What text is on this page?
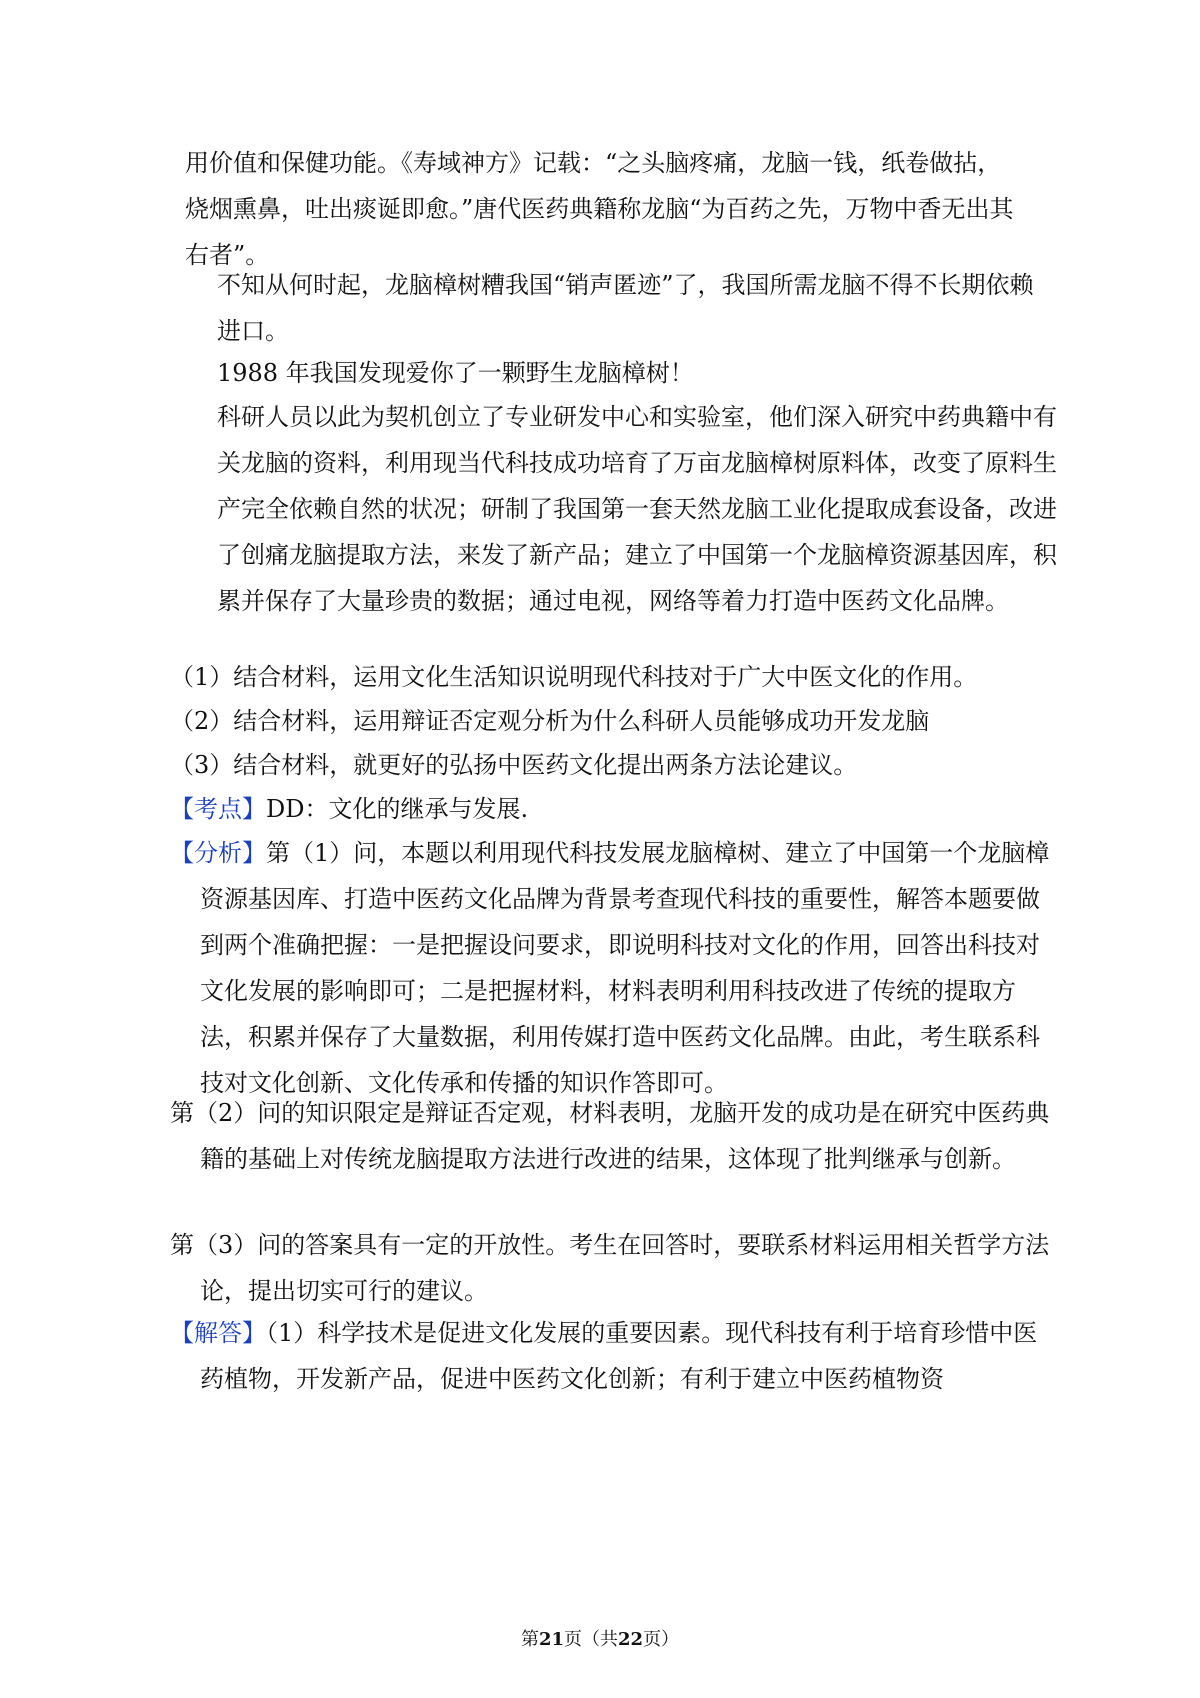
用价值和保健功能。《寿域神方》记载：“之头脑疼痛，龙脑一钱，纸卷做拈，烧烟熏鼻，吐出痰诞即愈。”唐代医药典籍称龙脑“为百药之先，万物中香无出其右者”。

不知从何时起，龙脑樟树糟我国“销声匿迹”了，我国所需龙脑不得不长期依赖进口。

1988 年我国发现爱你了一颗野生龙脑樟树！

科研人员以此为契机创立了专业研发中心和实验室，他们深入研究中药典籍中有关龙脑的资料，利用现当代科技成功培育了万亩龙脑樟树原料体，改变了原料生产完全依赖自然的状况；研制了我国第一套天然龙脑工业化提取成套设备，改进了创痛龙脑提取方法，来发了新产品；建立了中国第一个龙脑樟资源基因库，积累并保存了大量珍贵的数据；通过电视，网络等着力打造中医药文化品牌。

（1）结合材料，运用文化生活知识说明现代科技对于广大中医文化的作用。

（2）结合材料，运用辩证否定观分析为什么科研人员能够成功开发龙脑

（3）结合材料，就更好的弘扬中医药文化提出两条方法论建议。

【考点】DD：文化的继承与发展.

【分析】第（1）问，本题以利用现代科技发展龙脑樟树、建立了中国第一个龙脑樟资源基因库、打造中医药文化品牌为背景考查现代科技的重要性，解答本题要做到两个准确把握：一是把握设问要求，即说明科技对文化的作用，回答出科技对文化发展的影响即可；二是把握材料，材料表明利用科技改进了传统的提取方法，积累并保存了大量数据，利用传媒打造中医药文化品牌。由此，考生联系科技对文化创新、文化传承和传播的知识作答即可。

第（2）问的知识限定是辩证否定观，材料表明，龙脑开发的成功是在研究中医药典籍的基础上对传统龙脑提取方法进行改进的结果，这体现了批判继承与创新。

第（3）问的答案具有一定的开放性。考生在回答时，要联系材料运用相关哲学方法论，提出切实可行的建议。

【解答】（1）科学技术是促进文化发展的重要因素。现代科技有利于培育珍惜中医药植物，开发新产品，促进中医药文化创新；有利于建立中医药植物资

第21页（共22页）
